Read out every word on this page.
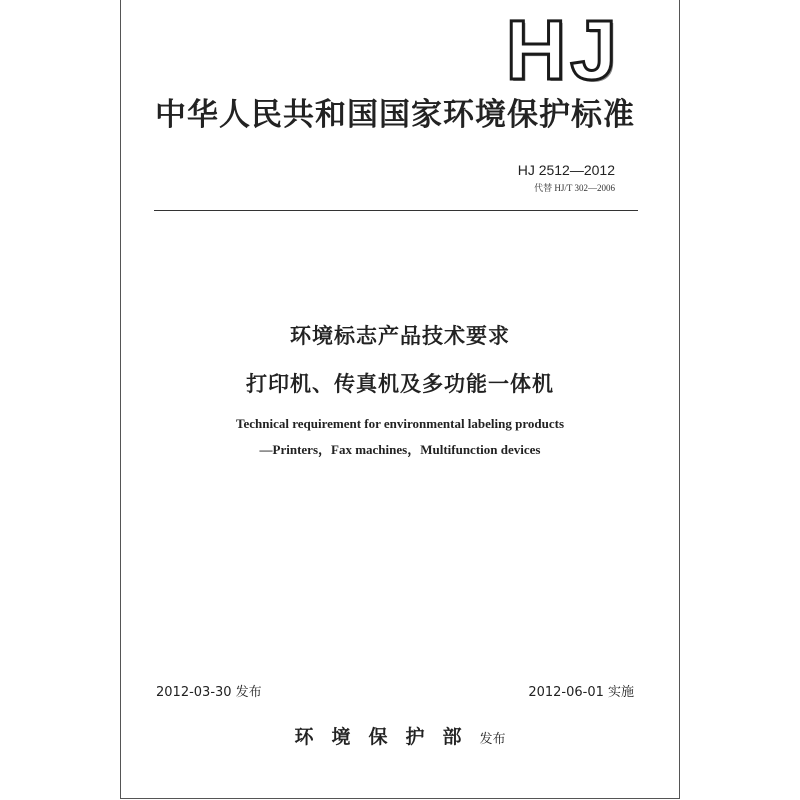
HJ
中华人民共和国国家环境保护标准
HJ 2512—2012
代替 HJ/T 302—2006
环境标志产品技术要求
打印机、传真机及多功能一体机
Technical requirement for environmental labeling products
—Printers，Fax machines，Multifunction devices
2012-03-30 发布	2012-06-01 实施
环境保护部发布
